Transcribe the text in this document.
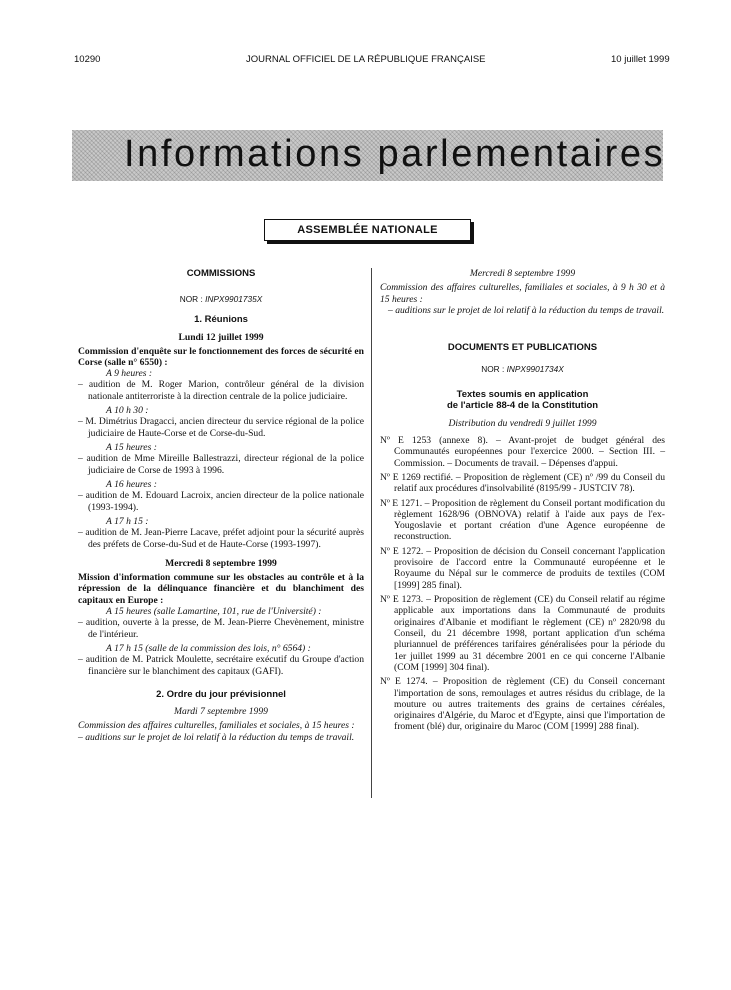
10290	JOURNAL OFFICIEL DE LA RÉPUBLIQUE FRANÇAISE	10 juillet 1999
Informations parlementaires
ASSEMBLÉE NATIONALE
COMMISSIONS
NOR : INPX9901735X
1. Réunions
Lundi 12 juillet 1999
Commission d'enquête sur le fonctionnement des forces de sécurité en Corse (salle n° 6550) :
A 9 heures :
– audition de M. Roger Marion, contrôleur général de la division nationale antiterroriste à la direction centrale de la police judiciaire.
A 10 h 30 :
– M. Dimétrius Dragacci, ancien directeur du service régional de la police judiciaire de Haute-Corse et de Corse-du-Sud.
A 15 heures :
– audition de Mme Mireille Ballestrazzi, directeur régional de la police judiciaire de Corse de 1993 à 1996.
A 16 heures :
– audition de M. Edouard Lacroix, ancien directeur de la police nationale (1993-1994).
A 17 h 15 :
– audition de M. Jean-Pierre Lacave, préfet adjoint pour la sécurité auprès des préfets de Corse-du-Sud et de Haute-Corse (1993-1997).
Mercredi 8 septembre 1999
Mission d'information commune sur les obstacles au contrôle et à la répression de la délinquance financière et du blanchiment des capitaux en Europe :
A 15 heures (salle Lamartine, 101, rue de l'Université) :
– audition, ouverte à la presse, de M. Jean-Pierre Chevènement, ministre de l'intérieur.
A 17 h 15 (salle de la commission des lois, n° 6564) :
– audition de M. Patrick Moulette, secrétaire exécutif du Groupe d'action financière sur le blanchiment des capitaux (GAFI).
2. Ordre du jour prévisionnel
Mardi 7 septembre 1999
Commission des affaires culturelles, familiales et sociales, à 15 heures :
– auditions sur le projet de loi relatif à la réduction du temps de travail.
Mercredi 8 septembre 1999
Commission des affaires culturelles, familiales et sociales, à 9 h 30 et à 15 heures :
– auditions sur le projet de loi relatif à la réduction du temps de travail.
DOCUMENTS ET PUBLICATIONS
NOR : INPX9901734X
Textes soumis en application
de l'article 88-4 de la Constitution
Distribution du vendredi 9 juillet 1999
Nº E 1253 (annexe 8). – Avant-projet de budget général des Communautés européennes pour l'exercice 2000. – Section III. – Commission. – Documents de travail. – Dépenses d'appui.
Nº E 1269 rectifié. – Proposition de règlement (CE) nº /99 du Conseil du relatif aux procédures d'insolvabilité (8195/99 - JUSTCIV 78).
Nº E 1271. – Proposition de règlement du Conseil portant modification du règlement 1628/96 (OBNOVA) relatif à l'aide aux pays de l'ex-Yougoslavie et portant création d'une Agence européenne de reconstruction.
Nº E 1272. – Proposition de décision du Conseil concernant l'application provisoire de l'accord entre la Communauté européenne et le Royaume du Népal sur le commerce de produits de textiles (COM [1999] 285 final).
Nº E 1273. – Proposition de règlement (CE) du Conseil relatif au régime applicable aux importations dans la Communauté de produits originaires d'Albanie et modifiant le règlement (CE) nº 2820/98 du Conseil, du 21 décembre 1998, portant application d'un schéma pluriannuel de préférences tarifaires généralisées pour la période du 1er juillet 1999 au 31 décembre 2001 en ce qui concerne l'Albanie (COM [1999] 304 final).
Nº E 1274. – Proposition de règlement (CE) du Conseil concernant l'importation de sons, remoulages et autres résidus du criblage, de la mouture ou autres traitements des grains de certaines céréales, originaires d'Algérie, du Maroc et d'Egypte, ainsi que l'importation de froment (blé) dur, originaire du Maroc (COM [1999] 288 final).
